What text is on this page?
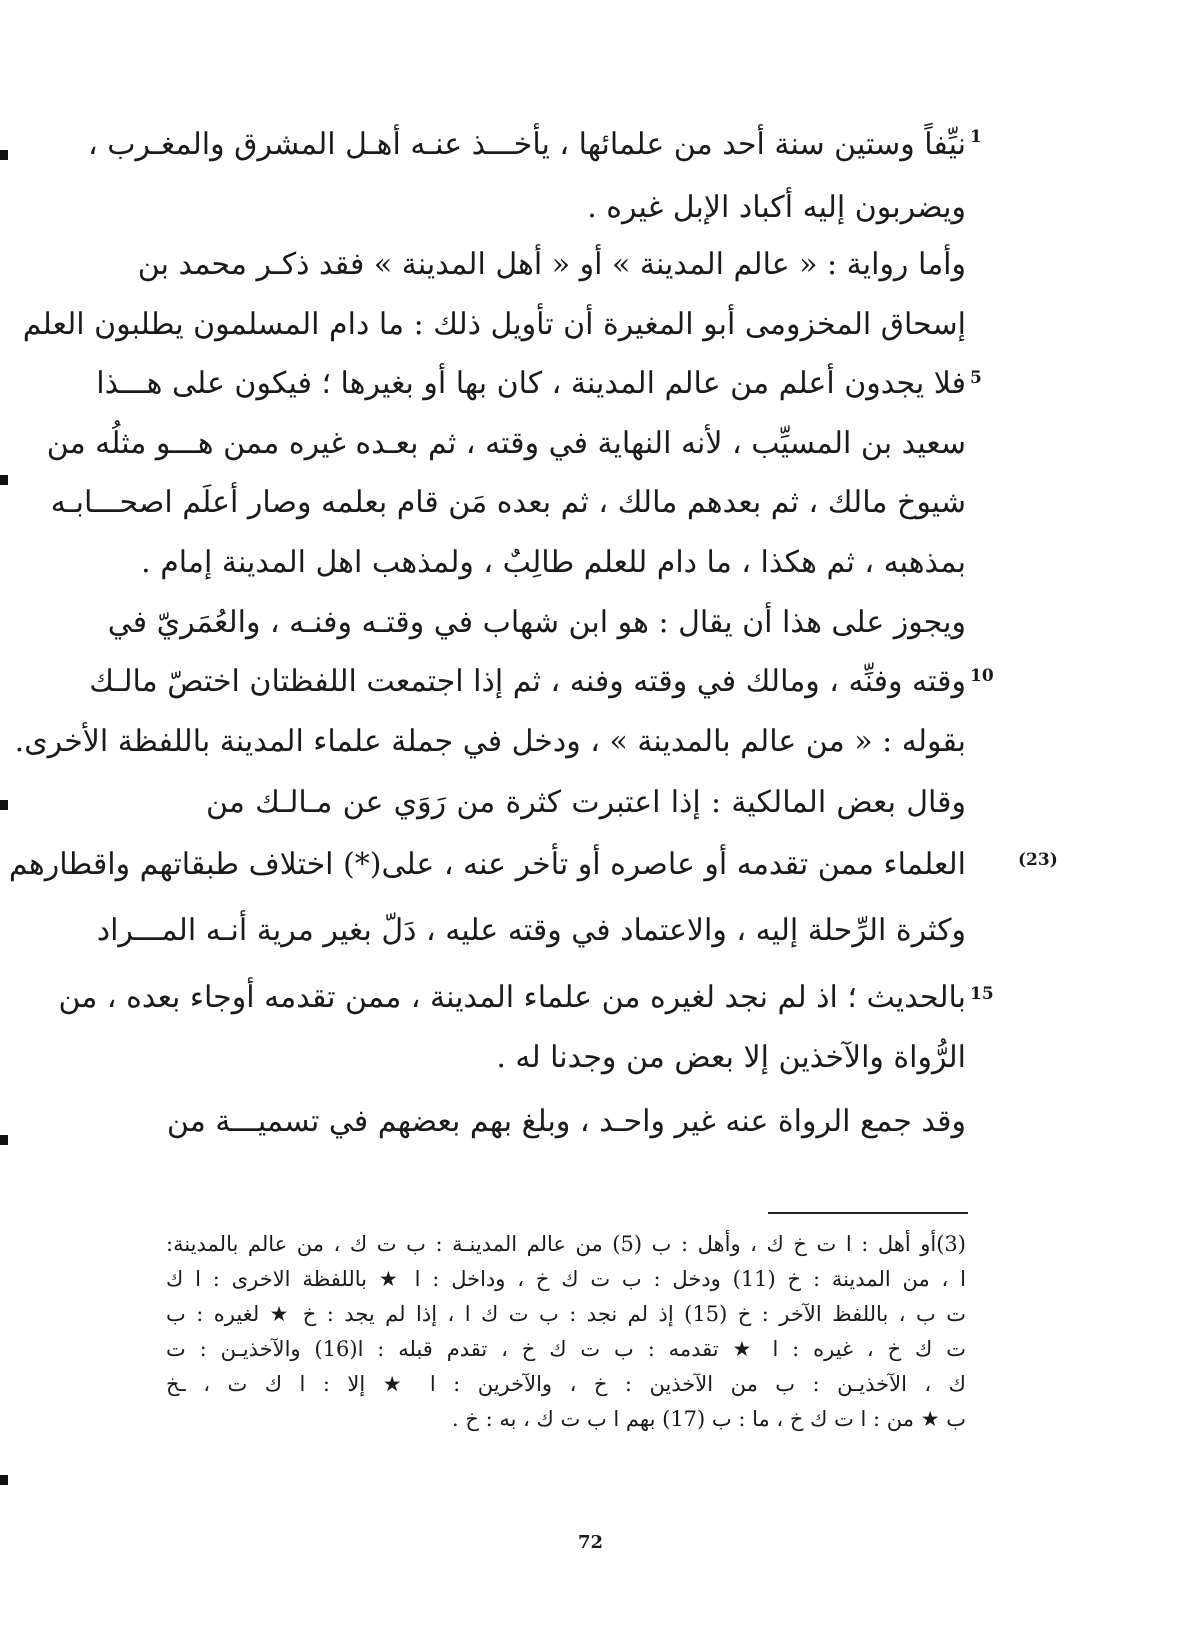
1
5
10
15
(23)
نيِّفاً وستين سنة أحد من علمائها ، يأخـــذ عنـه أهـل المشرق والمغـرب ،
ويضربون إليه أكباد الإبل غيره .
وأما رواية : « عالم المدينة » أو « أهل المدينة » فقد ذكـر محمد بن
إسحاق المخزومى أبو المغيرة أن تأويل ذلك : ما دام المسلمون يطلبون العلم
فلا يجدون أعلم من عالم المدينة ، كان بها أو بغيرها ؛ فيكون على هـــذا
سعيد بن المسيِّب ، لأنه النهاية في وقته ، ثم بعـده غيره ممن هـــو مثلُه من
شيوخ مالك ، ثم بعدهم مالك ، ثم بعده مَن قام بعلمه وصار أعلَم اصحـــابـه
بمذهبه ، ثم هكذا ، ما دام للعلم طالِبٌ ، ولمذهب اهل المدينة إمام .
ويجوز على هذا أن يقال : هو ابن شهاب في وقتـه وفنـه ، والعُمَريّ في
وقته وفنِّه ، ومالك في وقته وفنه ، ثم إذا اجتمعت اللفظتان اختصّ مالـك
بقوله : « من عالم بالمدينة » ، ودخل في جملة علماء المدينة باللفظة الأخرى.
وقال بعض المالكية : إذا اعتبرت كثرة من رَوَي عن مـالـك من
العلماء ممن تقدمه أو عاصره أو تأخر عنه ، على(*) اختلاف طبقاتهم واقطارهم
وكثرة الرِّحلة إليه ، والاعتماد في وقته عليه ، دَلّ بغير مرية أنـه المـــراد
بالحديث ؛ اذ لم نجد لغيره من علماء المدينة ، ممن تقدمه أوجاء بعده ، من
الرُّواة والآخذين إلا بعض من وجدنا له .
وقد جمع الرواة عنه غير واحـد ، وبلغ بهم بعضهم في تسميـــة من
(3)أو أهل : ا ت خ ك ، وأهل : ب (5) من عالم المدينـة : ب ت ك ، من عالم بالمدينة:
ا ، من المدينة : خ (11) ودخل : ب ت ك خ ، وداخل : ا ★ باللفظة الاخرى : ا ك
ت ب ، باللفظ الآخر : خ (15) إذ لم نجد : ب ت ك ا ، إذا لم يجد : خ ★ لغيره : ب
ت ك خ ، غيره : ا ★ تقدمه : ب ت ك خ ، تقدم قبله : ا(16) والآخذيـن : ت
ك ، الآخذيـن : ب من الآخذين : خ ، والآخرين : ا ★ إلا : ا ك ت ، ـخ
ب ★ من : ا ت ك خ ، ما : ب (17) بهم ا ب ت ك ، به : خ .
72
